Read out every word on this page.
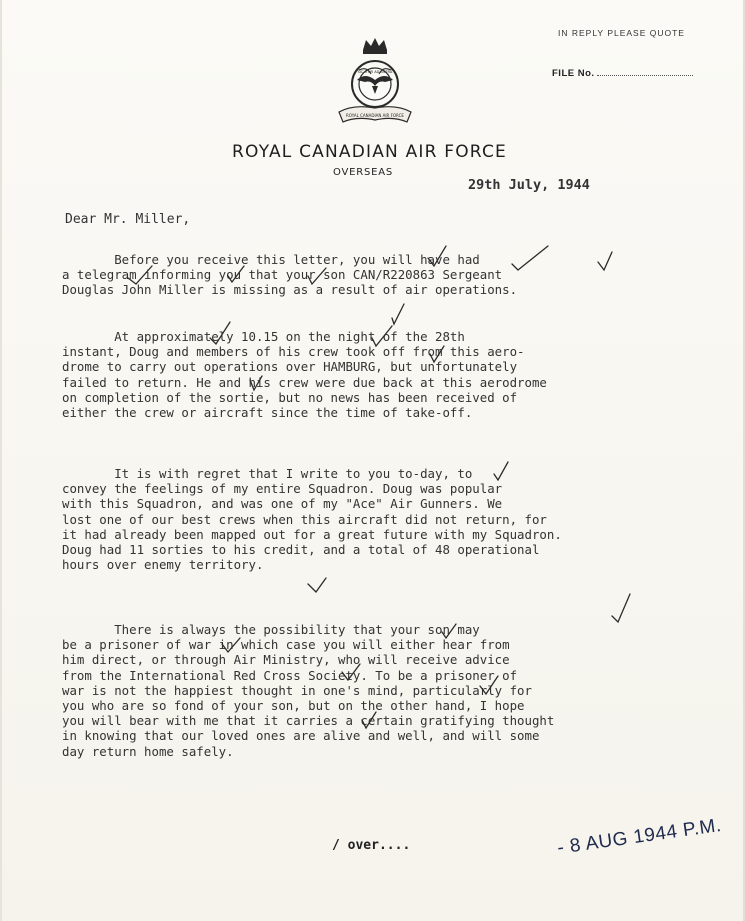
IN REPLY PLEASE QUOTE
FILE No.
ROYAL CANADIAN AIR FORCE
SIC ITUR AD ASTRA
ROYAL CANADIAN AIR FORCE
OVERSEAS
29th July, 1944
Dear Mr. Miller,

Before you receive this letter, you will have had
a telegram informing you that your son CAN/R220863 Sergeant
Douglas John Miller is missing as a result of air operations.

At approximately 10.15 on the night of the 28th
instant, Doug and members of his crew took off from this aero-
drome to carry out operations over HAMBURG, but unfortunately
failed to return. He and his crew were due back at this aerodrome
on completion of the sortie, but no news has been received of
either the crew or aircraft since the time of take-off.

It is with regret that I write to you to-day, to
convey the feelings of my entire Squadron. Doug was popular
with this Squadron, and was one of my "Ace" Air Gunners. We
lost one of our best crews when this aircraft did not return, for
it had already been mapped out for a great future with my Squadron.
Doug had 11 sorties to his credit, and a total of 48 operational
hours over enemy territory.

There is always the possibility that your son may
be a prisoner of war in which case you will either hear from
him direct, or through Air Ministry, who will receive advice
from the International Red Cross Society. To be a prisoner of
war is not the happiest thought in one's mind, particularly for
you who are so fond of your son, but on the other hand, I hope
you will bear with me that it carries a certain gratifying thought
in knowing that our loved ones are alive and well, and will some
day return home safely.

/ over....	- 8 AUG 1944 P.M.
